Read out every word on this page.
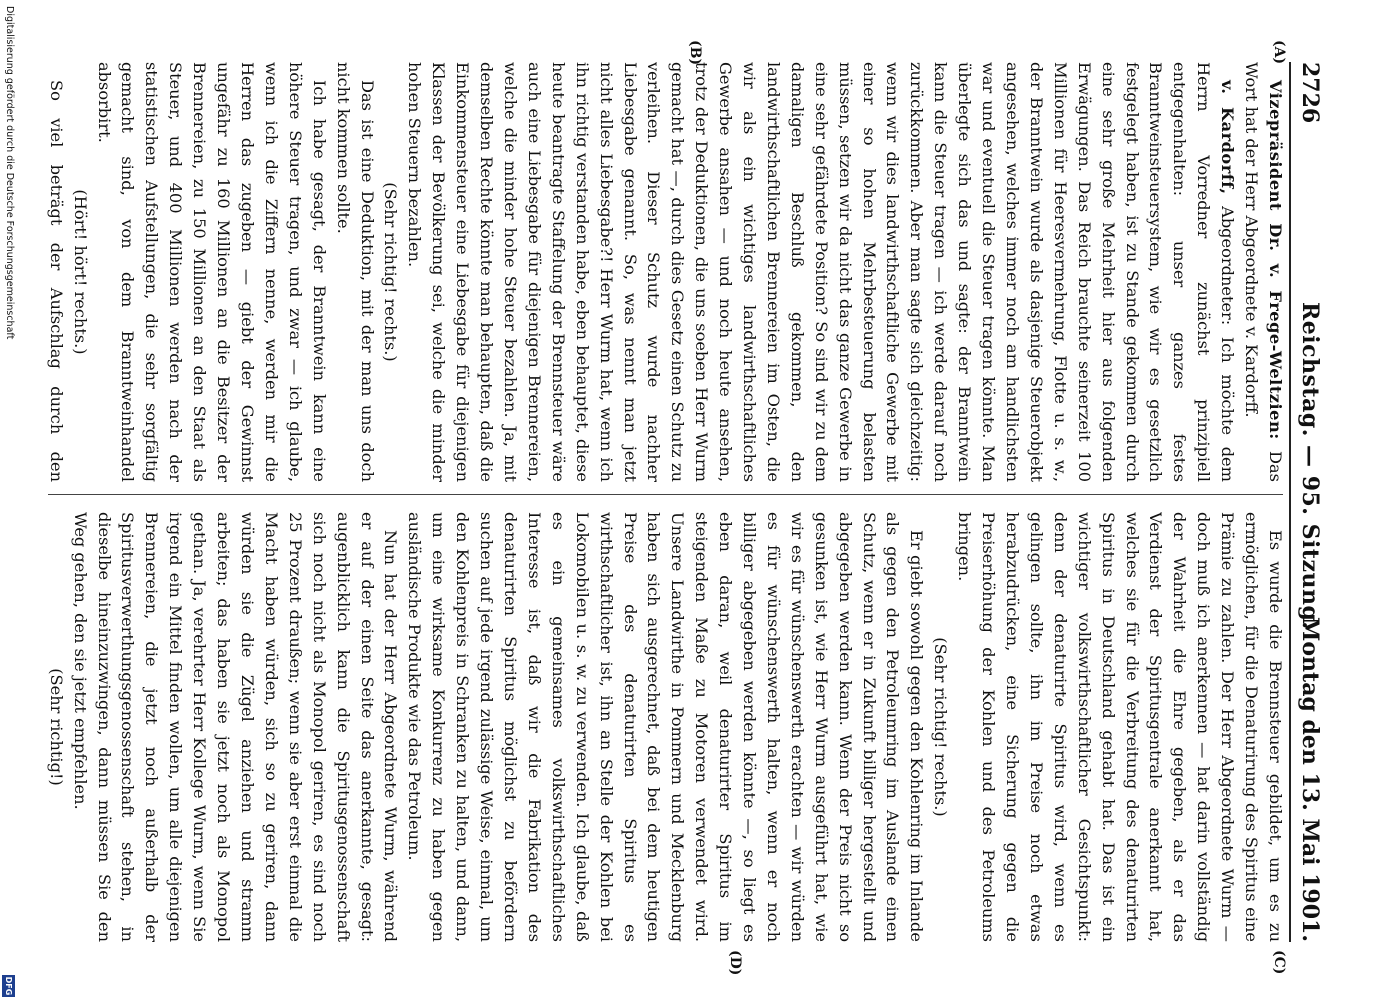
2726
Reichstag. — 95. Sitzung.
Montag den 13. Mai 1901.
(A)
(B)
(C)
(D)

Vizepräsident Dr. v. Frege-Weltzien: Das Wort hat der Herr Abgeordnete v. Kardorff.

v. Kardorff, Abgeordneter: Ich möchte dem Herrn Vorredner zunächst prinzipiell entgegenhalten: unser ganzes festes Branntweinsteuersystem, wie wir es gesetzlich festgelegt haben, ist zu Stande gekommen durch eine sehr große Mehrheit hier aus folgenden Erwägungen. Das Reich brauchte seinerzeit 100 Millionen für Heeresvermehrung, Flotte u. s. w., der Branntwein wurde als dasjenige Steuerobjekt angesehen, welches immer noch am handlichsten war und eventuell die Steuer tragen könnte. Man überlegte sich das und sagte: der Branntwein kann die Steuer tragen — ich werde darauf noch zurückkommen. Aber man sagte sich gleichzeitig: wenn wir dies landwirthschaftliche Gewerbe mit einer so hohen Mehrbesteuerung belasten müssen, setzen wir da nicht das ganze Gewerbe in eine sehr gefährdete Position? So sind wir zu dem damaligen Beschluß gekommen, den landwirthschaftlichen Brennereien im Osten, die wir als ein wichtiges landwirthschaftliches Gewerbe ansahen — und noch heute ansehen, trotz der Deduktionen, die uns soeben Herr Wurm gemacht hat —, durch dies Gesetz einen Schutz zu verleihen. Dieser Schutz wurde nachher Liebesgabe genannt. So, was nennt man jetzt nicht alles Liebesgabe?! Herr Wurm hat, wenn ich ihn richtig verstanden habe, eben behauptet, diese heute beantragte Staffelung der Brennsteuer wäre auch eine Liebesgabe für diejenigen Brennereien, welche die minder hohe Steuer bezahlen. Ja, mit demselben Rechte könnte man behaupten, daß die Einkommensteuer eine Liebesgabe für diejenigen Klassen der Bevölkerung sei, welche die minder hohen Steuern bezahlen.

(Sehr richtig! rechts.)

Das ist eine Deduktion, mit der man uns doch nicht kommen sollte.

Ich habe gesagt, der Branntwein kann eine höhere Steuer tragen, und zwar — ich glaube, wenn ich die Ziffern nenne, werden mir die Herren das zugeben — giebt der Gewinnst ungefähr zu 160 Millionen an die Besitzer der Brennereien, zu 150 Millionen an den Staat als Steuer, und 400 Millionen werden nach der statistischen Aufstellungen, die sehr sorgfältig gemacht sind, von dem Branntweinhandel absorbirt.

(Hört! hört! rechts.)

So viel beträgt der Aufschlag durch den

Es wurde die Brennsteuer gebildet, um es zu ermöglichen, für die Denaturirung des Spiritus eine Prämie zu zahlen. Der Herr Abgeordnete Wurm — doch muß ich anerkennen — hat darin vollständig der Wahrheit die Ehre gegeben, als er das Verdienst der Spiritusgentrale anerkannt hat, welches sie für die Verbreitung des denaturirten Spiritus in Deutschland gehabt hat. Das ist ein wichtiger volkswirthschaftlicher Gesichtspunkt: denn der denaturirte Spiritus wird, wenn es gelingen sollte, ihn im Preise noch etwas herabzudrücken, eine Sicherung gegen die Preiserhöhung der Kohlen und des Petroleums bringen.

(Sehr richtig! rechts.)

Er giebt sowohl gegen den Kohlenring im Inlande als gegen den Petroleumring im Auslande einen Schutz, wenn er in Zukunft billiger hergestellt und abgegeben werden kann. Wenn der Preis nicht so gesunken ist, wie Herr Wurm ausgeführt hat, wie wir es für wünschenswerth erachten — wir würden es für wünschenswerth halten, wenn er noch billiger abgegeben werden könnte —, so liegt es eben daran, weil denaturirter Spiritus im steigenden Maße zu Motoren verwendet wird. Unsere Landwirthe in Pommern und Mecklenburg haben sich ausgerechnet, daß bei dem heutigen Preise des denaturirten Spiritus es wirthschaftlicher ist, ihn an Stelle der Kohlen bei Lokomobilen u. s. w. zu verwenden. Ich glaube, daß es ein gemeinsames volkswirthschaftliches Interesse ist, daß wir die Fabrikation des denaturirten Spiritus möglichst zu befördern suchen auf jede irgend zulässige Weise, einmal, um den Kohlenpreis in Schranken zu halten, und dann, um eine wirksame Konkurrenz zu haben gegen ausländische Produkte wie das Petroleum.

Nun hat der Herr Abgeordnete Wurm, während er auf der einen Seite das anerkannte, gesagt: augenblicklich kann die Spiritusgenossenschaft sich noch nicht als Monopol geriren, es sind noch 25 Prozent draußen; wenn sie aber erst einmal die Macht haben würden, sich so zu geriren, dann würden sie die Zügel anziehen und stramm arbeiten; das haben sie jetzt noch als Monopol gethan. Ja, verehrter Herr Kollege Wurm, wenn Sie irgend ein Mittel finden wollen, um alle diejenigen Brennereien, die jetzt noch außerhalb der Spiritusverwerthungsgenossenschaft stehen, in dieselbe hineinzuzwingen, dann müssen Sie den Weg gehen, den sie jetzt empfehlen.

(Sehr richtig!)

Digitalisierung gefördert durch die Deutsche Forschungsgemeinschaft
DFG
